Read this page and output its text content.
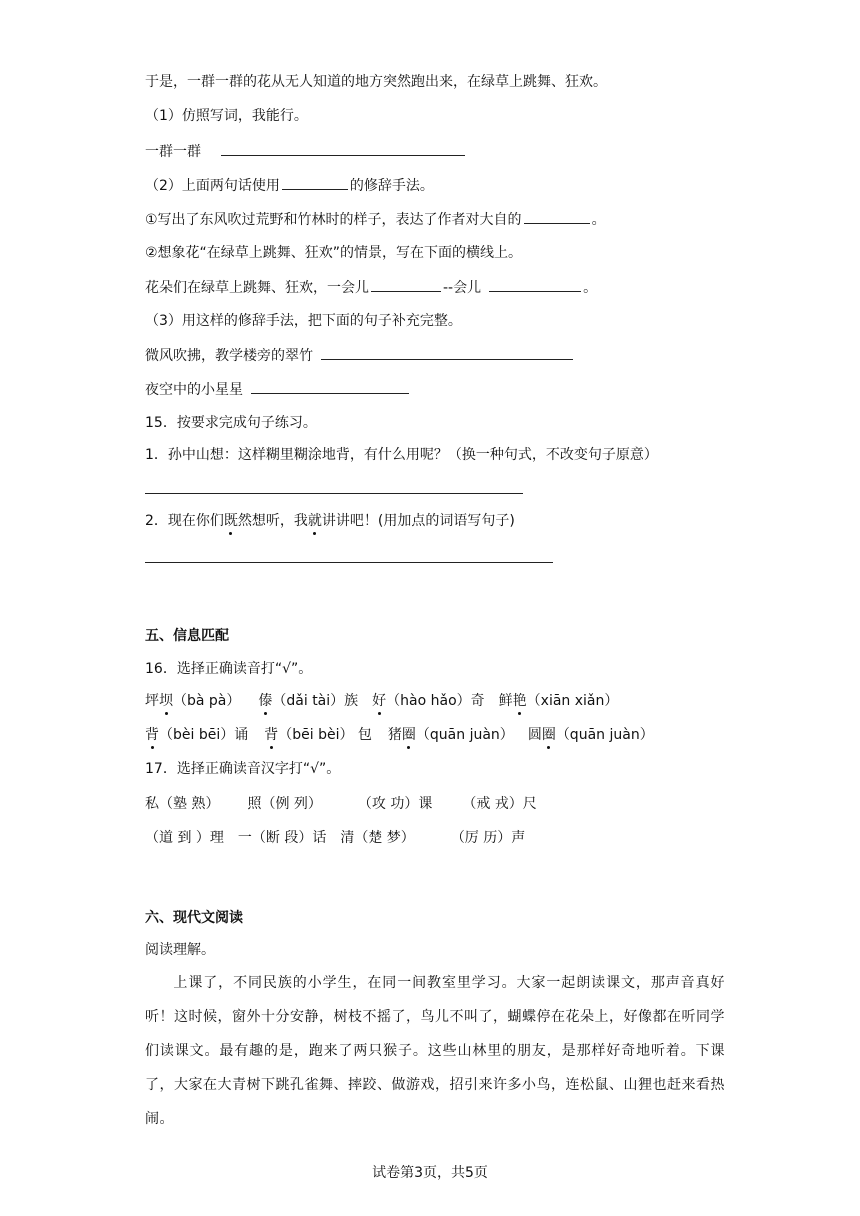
于是，一群一群的花从无人知道的地方突然跑出来，在绿草上跳舞、狂欢。
（1）仿照写词，我能行。
一群一群
（2）上面两句话使用	的修辞手法。
①写出了东风吹过荒野和竹林时的样子，表达了作者对大自的	。
②想象花“在绿草上跳舞、狂欢”的情景，写在下面的横线上。
花朵们在绿草上跳舞、狂欢，一会儿	--会儿	。
（3）用这样的修辞手法，把下面的句子补充完整。
微风吹拂，教学楼旁的翠竹
夜空中的小星星
15．按要求完成句子练习。
1．孙中山想：这样糊里糊涂地背，有什么用呢？（换一种句式，不改变句子原意）
2．现在你们既然想听，我就讲讲吧！(用加点的词语写句子)
五、信息匹配
16．选择正确读音打“√”。
坪坝（bà pà） 傣（dǎi tài）族 好（hào hǎo）奇 鲜艳（xiān xiǎn）
背（bèi bēi）诵 背（bēi bèi） 包 猪圈（quān juàn） 圆圈（quān juàn）
17．选择正确读音汉字打“√”。
私（塾 熟） 照（例 列）	（攻 功）课 （戒 戎）尺
（道 到 ）理 一（断 段）话 清（楚 梦）	（厉 历）声
六、现代文阅读
阅读理解。
上课了，不同民族的小学生，在同一间教室里学习。大家一起朗读课文，那声音真好听！这时候，窗外十分安静，树枝不摇了，鸟儿不叫了，蝴蝶停在花朵上，好像都在听同学们读课文。最有趣的是，跑来了两只猴子。这些山林里的朋友，是那样好奇地听着。下课了，大家在大青树下跳孔雀舞、摔跤、做游戏，招引来许多小鸟，连松鼠、山狸也赶来看热闹。
试卷第3页，共5页
